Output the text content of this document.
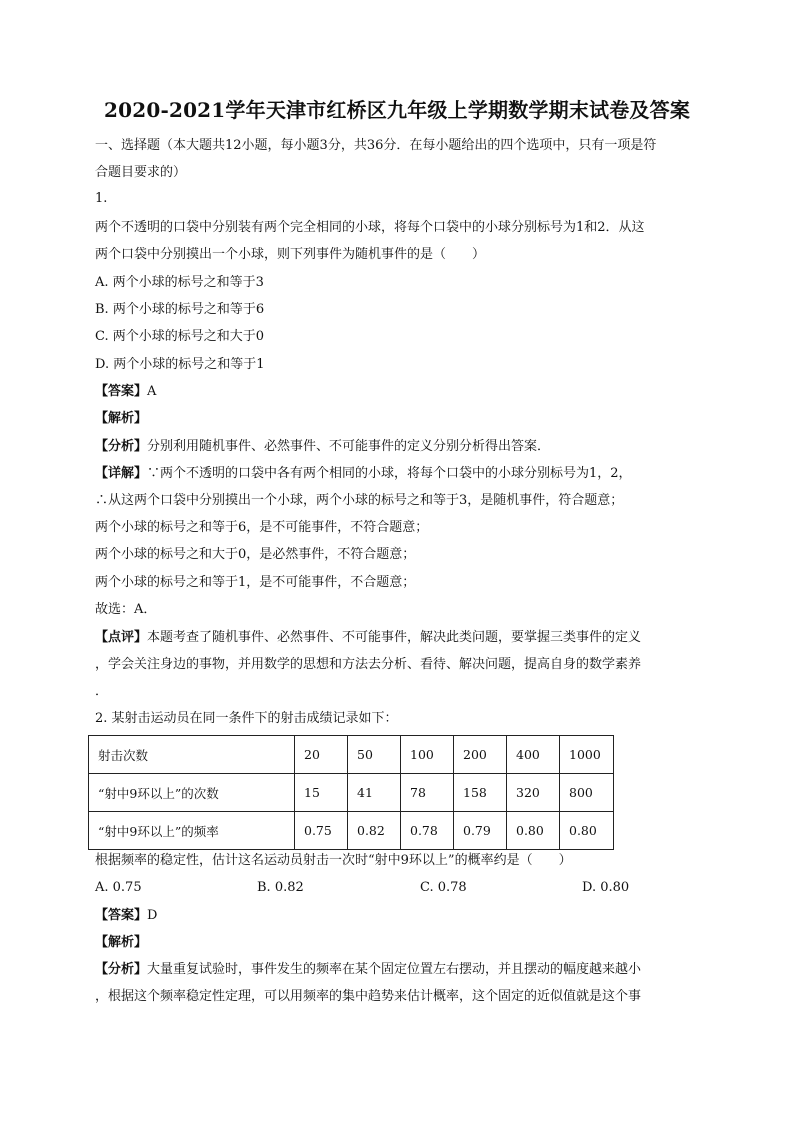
2020-2021学年天津市红桥区九年级上学期数学期末试卷及答案
一、选择题（本大题共12小题，每小题3分，共36分．在每小题给出的四个选项中，只有一项是符
合题目要求的）
1.
两个不透明的口袋中分别装有两个完全相同的小球，将每个口袋中的小球分别标号为1和2．从这
两个口袋中分别摸出一个小球，则下列事件为随机事件的是（　　）
A. 两个小球的标号之和等于3
B. 两个小球的标号之和等于6
C. 两个小球的标号之和大于0
D. 两个小球的标号之和等于1
【答案】A
【解析】
【分析】分别利用随机事件、必然事件、不可能事件的定义分别分析得出答案．
【详解】∵两个不透明的口袋中各有两个相同的小球，将每个口袋中的小球分别标号为1，2，
∴从这两个口袋中分别摸出一个小球，两个小球的标号之和等于3，是随机事件，符合题意；
两个小球的标号之和等于6，是不可能事件，不符合题意；
两个小球的标号之和大于0，是必然事件，不符合题意；
两个小球的标号之和等于1，是不可能事件，不合题意；
故选：A．
【点评】本题考查了随机事件、必然事件、不可能事件，解决此类问题，要掌握三类事件的定义
，学会关注身边的事物，并用数学的思想和方法去分析、看待、解决问题，提高自身的数学素养
．
2. 某射击运动员在同一条件下的射击成绩记录如下：
射击次数	20	50	100	200	400	1000
“射中9环以上”的次数	15	41	78	158	320	800
“射中9环以上”的频率	0.75	0.82	0.78	0.79	0.80	0.80
根据频率的稳定性，估计这名运动员射击一次时“射中9环以上”的概率约是（　　）
A. 0.75	B. 0.82	C. 0.78	D. 0.80
【答案】D
【解析】
【分析】大量重复试验时，事件发生的频率在某个固定位置左右摆动，并且摆动的幅度越来越小
，根据这个频率稳定性定理，可以用频率的集中趋势来估计概率，这个固定的近似值就是这个事
